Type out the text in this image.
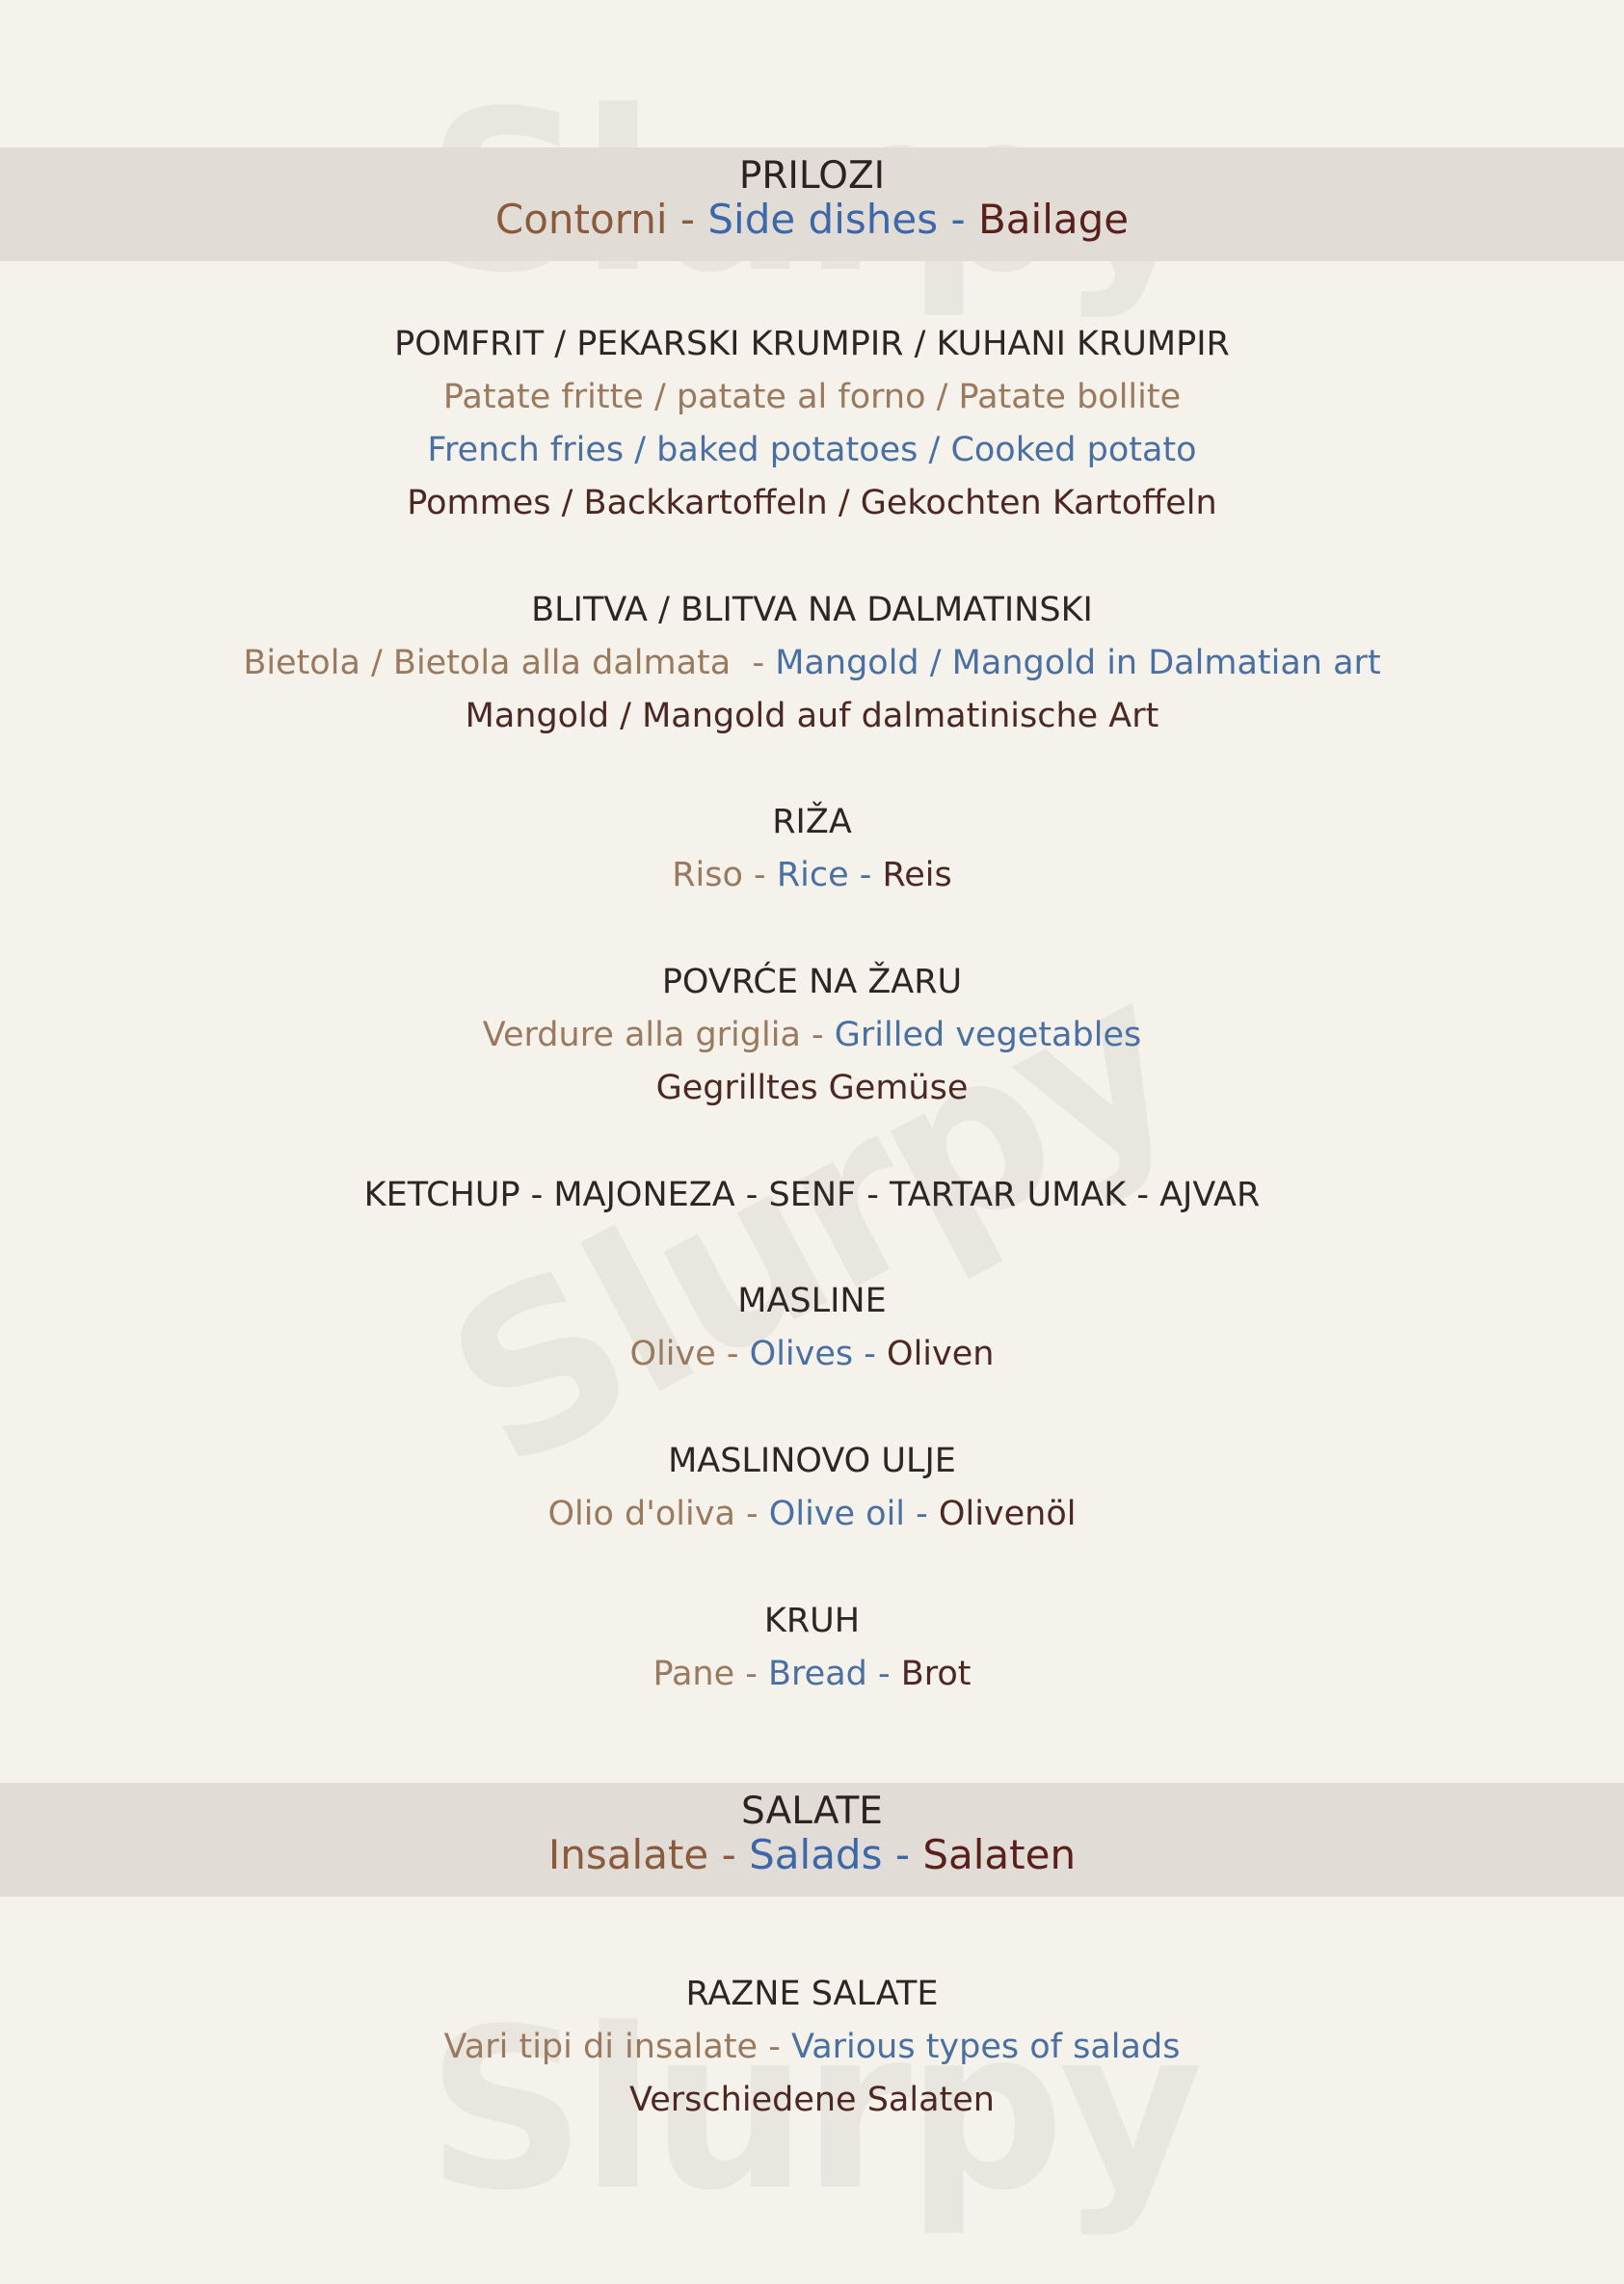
PRILOZI
Contorni - Side dishes - Bailage
POMFRIT / PEKARSKI KRUMPIR / KUHANI KRUMPIR
Patate fritte / patate al forno / Patate bollite
French fries / baked potatoes / Cooked potato
Pommes / Backkartoffeln / Gekochten Kartoffeln
BLITVA / BLITVA NA DALMATINSKI
Bietola / Bietola alla dalmata  - Mangold / Mangold in Dalmatian art
Mangold / Mangold auf dalmatinische Art
RIŽA
Riso - Rice - Reis
POVRĆE NA ŽARU
Verdure alla griglia - Grilled vegetables
Gegrilltes Gemüse
KETCHUP - MAJONEZA - SENF - TARTAR UMAK - AJVAR
MASLINE
Olive - Olives - Oliven
MASLINOVO ULJE
Olio d'oliva - Olive oil - Olivenöl
KRUH
Pane - Bread - Brot
SALATE
Insalate - Salads - Salaten
RAZNE SALATE
Vari tipi di insalate - Various types of salads
Verschiedene Salaten
